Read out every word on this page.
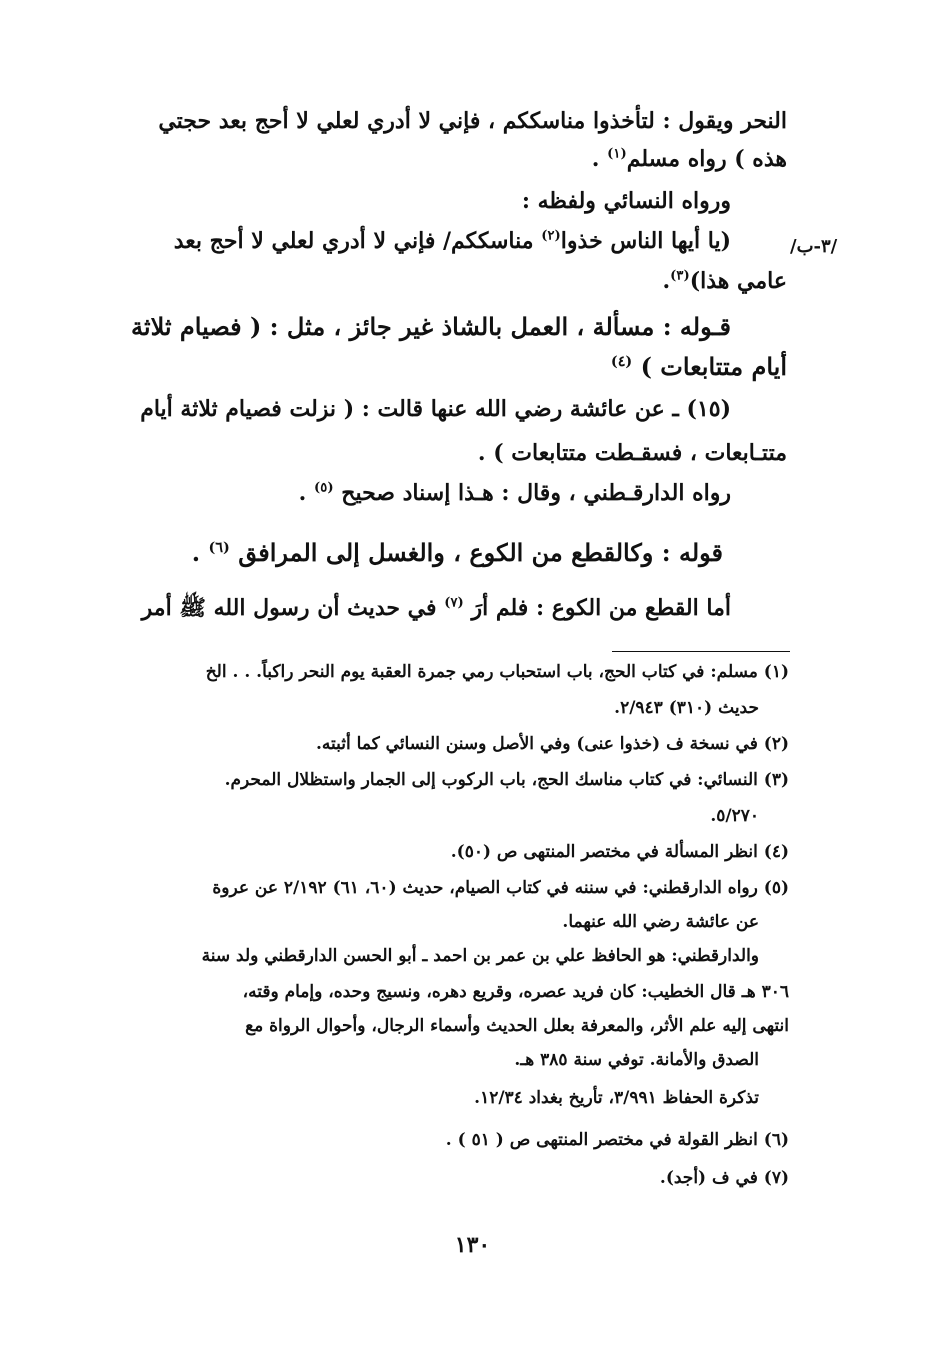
/٣-ب/
النحر ويقول : لتأخذوا مناسككم ، فإني لا أدري لعلي لا أحج بعد حجتي
هذه ) رواه مسلم$^{(١)}$ .
ورواه النسائي ولفظه :
(يا أيها الناس خذوا$^{(٢)}$ مناسككم/ فإني لا أدري لعلي لا أحج بعد
عامي هذا)$^{(٣)}$.
قـوله : مسألة ، العمل بالشاذ غير جائز ، مثل : ( فصيام ثلاثة
أيام متتابعات ) $^{(٤)}$
(١٥) ـ عن عائشة رضي الله عنها قالت : ( نزلت فصيام ثلاثة أيام
متتـابعات ، فسقـطت متتابعات ) .
رواه الدارقـطني ، وقال : هـذا إسناد صحيح $^{(٥)}$ .
قوله : وكالقطع من الكوع ، والغسل إلى المرافق $^{(٦)}$ .
أما القطع من الكوع : فلم أرَ $^{(٧)}$ في حديث أن رسول الله ﷺ أمر
(١) مسلم: في كتاب الحج، باب استحباب رمي جمرة العقبة يوم النحر راكباً. . . الخ
حديث (٣١٠) ٢/٩٤٣.
(٢) في نسخة ف (خذوا عنى) وفي الأصل وسنن النسائي كما أثبته.
(٣) النسائي: في كتاب مناسك الحج، باب الركوب إلى الجمار واستظلال المحرم.
٥/٢٧٠.
(٤) انظر المسألة في مختصر المنتهى ص (٥٠).
(٥) رواه الدارقطني: في سننه في كتاب الصيام، حديث (٦٠، ٦١) ٢/١٩٢ عن عروة
عن عائشة رضي الله عنهما.
والدارقطني: هو الحافظ علي بن عمر بن احمد ـ أبو الحسن الدارقطني ولد سنة
٣٠٦ هـ قال الخطيب: كان فريد عصره، وقريع دهره، ونسيج وحده، وإمام وقته،
انتهى إليه علم الأثر، والمعرفة بعلل الحديث وأسماء الرجال، وأحوال الرواة مع
الصدق والأمانة. توفي سنة ٣٨٥ هـ.
تذكرة الحفاظ ٣/٩٩١، تأريخ بغداد ١٢/٣٤.
(٦) انظر القولة في مختصر المنتهى ص ( ٥١ ) .
(٧) في ف (أجد).
١٣٠
